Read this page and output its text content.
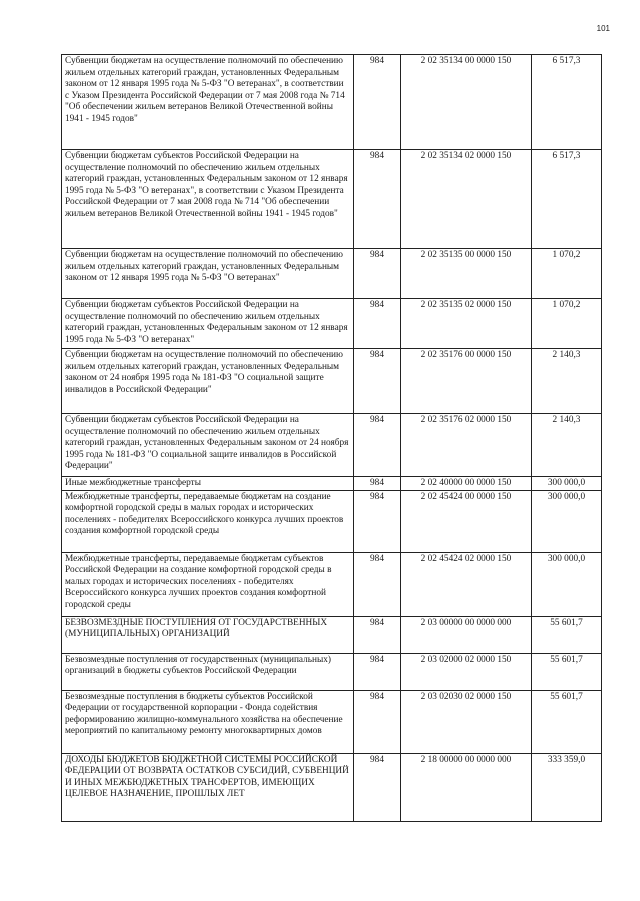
101
Субвенции бюджетам на осуществление полномочий по обеспечению жильем отдельных категорий граждан, установленных Федеральным законом от 12 января 1995 года № 5-ФЗ "О ветеранах", в соответствии с Указом Президента Российской Федерации от 7 мая 2008 года № 714 "Об обеспечении жильем ветеранов Великой Отечественной войны 1941 - 1945 годов"	984	2 02 35134 00 0000 150	6 517,3
Субвенции бюджетам субъектов Российской Федерации на осуществление полномочий по обеспечению жильем отдельных категорий граждан, установленных Федеральным законом от 12 января 1995 года № 5-ФЗ "О ветеранах", в соответствии с Указом Президента Российской Федерации от 7 мая 2008 года № 714 "Об обеспечении жильем ветеранов Великой Отечественной войны 1941 - 1945 годов"	984	2 02 35134 02 0000 150	6 517,3
Субвенции бюджетам на осуществление полномочий по обеспечению жильем отдельных категорий граждан, установленных Федеральным законом от 12 января 1995 года № 5-ФЗ "О ветеранах"	984	2 02 35135 00 0000 150	1 070,2
Субвенции бюджетам субъектов Российской Федерации на осуществление полномочий по обеспечению жильем отдельных категорий граждан, установленных Федеральным законом от 12 января 1995 года № 5-ФЗ "О ветеранах"	984	2 02 35135 02 0000 150	1 070,2
Субвенции бюджетам на осуществление полномочий по обеспечению жильем отдельных категорий граждан, установленных Федеральным законом от 24 ноября 1995 года № 181-ФЗ "О социальной защите инвалидов в Российской Федерации"	984	2 02 35176 00 0000 150	2 140,3
Субвенции бюджетам субъектов Российской Федерации на осуществление полномочий по обеспечению жильем отдельных категорий граждан, установленных Федеральным законом от 24 ноября 1995 года № 181-ФЗ "О социальной защите инвалидов в Российской Федерации"	984	2 02 35176 02 0000 150	2 140,3
Иные межбюджетные трансферты	984	2 02 40000 00 0000 150	300 000,0
Межбюджетные трансферты, передаваемые бюджетам на создание комфортной городской среды в малых городах и исторических поселениях - победителях Всероссийского конкурса лучших проектов создания комфортной городской среды	984	2 02 45424 00 0000 150	300 000,0
Межбюджетные трансферты, передаваемые бюджетам субъектов Российской Федерации на создание комфортной городской среды в малых городах и исторических поселениях - победителях Всероссийского конкурса лучших проектов создания комфортной городской среды	984	2 02 45424 02 0000 150	300 000,0
БЕЗВОЗМЕЗДНЫЕ ПОСТУПЛЕНИЯ ОТ ГОСУДАРСТВЕННЫХ (МУНИЦИПАЛЬНЫХ) ОРГАНИЗАЦИЙ	984	2 03 00000 00 0000 000	55 601,7
Безвозмездные поступления от государственных (муниципальных) организаций в бюджеты субъектов Российской Федерации	984	2 03 02000 02 0000 150	55 601,7
Безвозмездные поступления в бюджеты субъектов Российской Федерации от государственной корпорации - Фонда содействия реформированию жилищно-коммунального хозяйства на обеспечение мероприятий по капитальному ремонту многоквартирных домов	984	2 03 02030 02 0000 150	55 601,7
ДОХОДЫ БЮДЖЕТОВ БЮДЖЕТНОЙ СИСТЕМЫ РОССИЙСКОЙ ФЕДЕРАЦИИ ОТ ВОЗВРАТА ОСТАТКОВ СУБСИДИЙ, СУБВЕНЦИЙ И ИНЫХ МЕЖБЮДЖЕТНЫХ ТРАНСФЕРТОВ, ИМЕЮЩИХ ЦЕЛЕВОЕ НАЗНАЧЕНИЕ, ПРОШЛЫХ ЛЕТ	984	2 18 00000 00 0000 000	333 359,0
